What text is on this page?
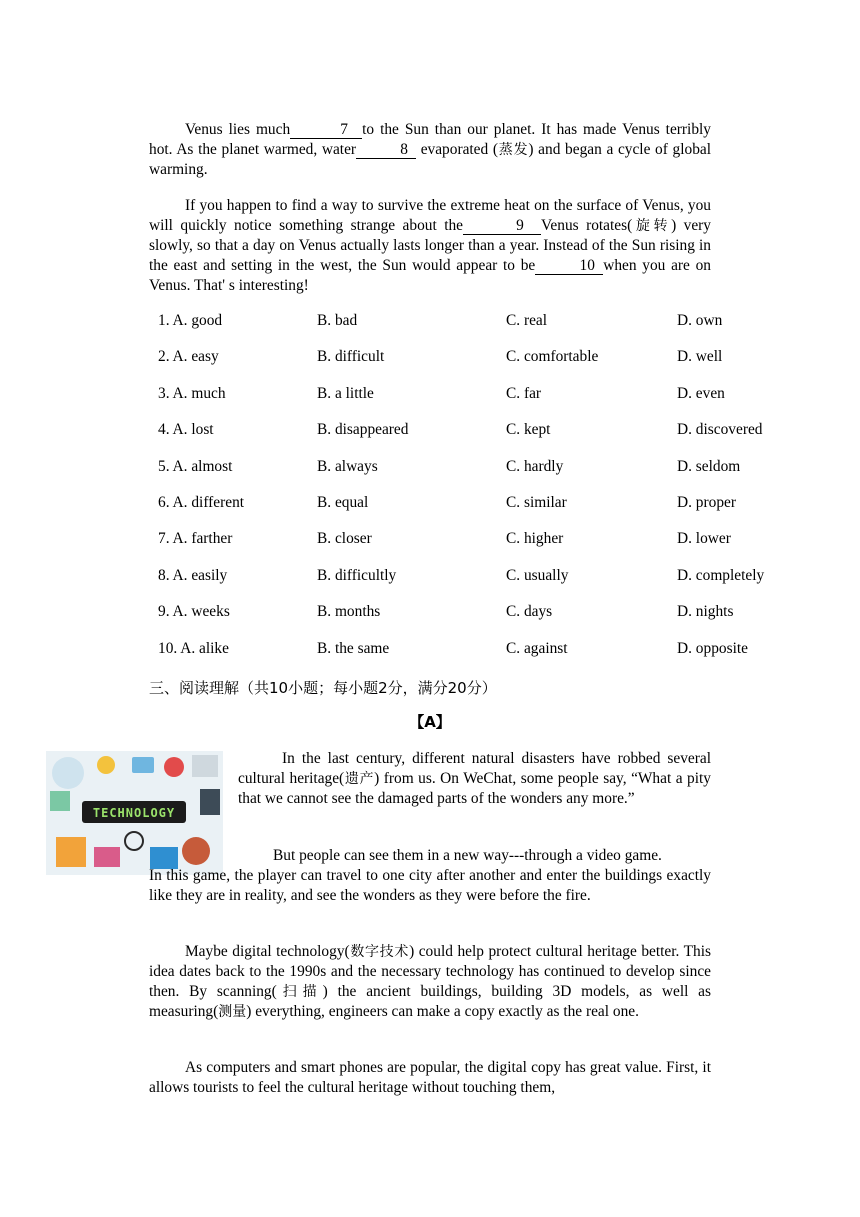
Venus lies much	7 to the Sun than our planet. It has made Venus terribly hot. As the planet warmed, water	8 evaporated (蒸发) and began a cycle of global warming.
If you happen to find a way to survive the extreme heat on the surface of Venus, you will quickly notice something strange about the	9 Venus rotates(旋转) very slowly, so that a day on Venus actually lasts longer than a year. Instead of the Sun rising in the east and setting in the west, the Sun would appear to be	10 when you are on Venus. That' s interesting!
1. A. good	B. bad	C. real	D. own
2. A. easy	B. difficult	C. comfortable	D. well
3. A. much	B. a little	C. far	D. even
4. A. lost	B. disappeared	C. kept	D. discovered
5. A. almost	B. always	C. hardly	D. seldom
6. A. different	B. equal	C. similar	D. proper
7. A. farther	B. closer	C. higher	D. lower
8. A. easily	B. difficultly	C. usually	D. completely
9. A. weeks	B. months	C. days	D. nights
10. A. alike	B. the same	C. against	D. opposite
三、阅读理解（共10小题；每小题2分，满分20分）
【A】
TECHNOLOGY
In the last century, different natural disasters have robbed several cultural heritage(遗产) from us. On WeChat, some people say, “What a pity that we cannot see the damaged parts of the wonders any more.”
But people can see them in a new way---through a video game.
In this game, the player can travel to one city after another and enter the buildings exactly like they are in reality, and see the wonders as they were before the fire.
Maybe digital technology(数字技术) could help protect cultural heritage better. This idea dates back to the 1990s and the necessary technology has continued to develop since then. By scanning(扫描) the ancient buildings, building 3D models, as well as measuring(测量) everything, engineers can make a copy exactly as the real one.
As computers and smart phones are popular, the digital copy has great value. First, it allows tourists to feel the cultural heritage without touching them,
